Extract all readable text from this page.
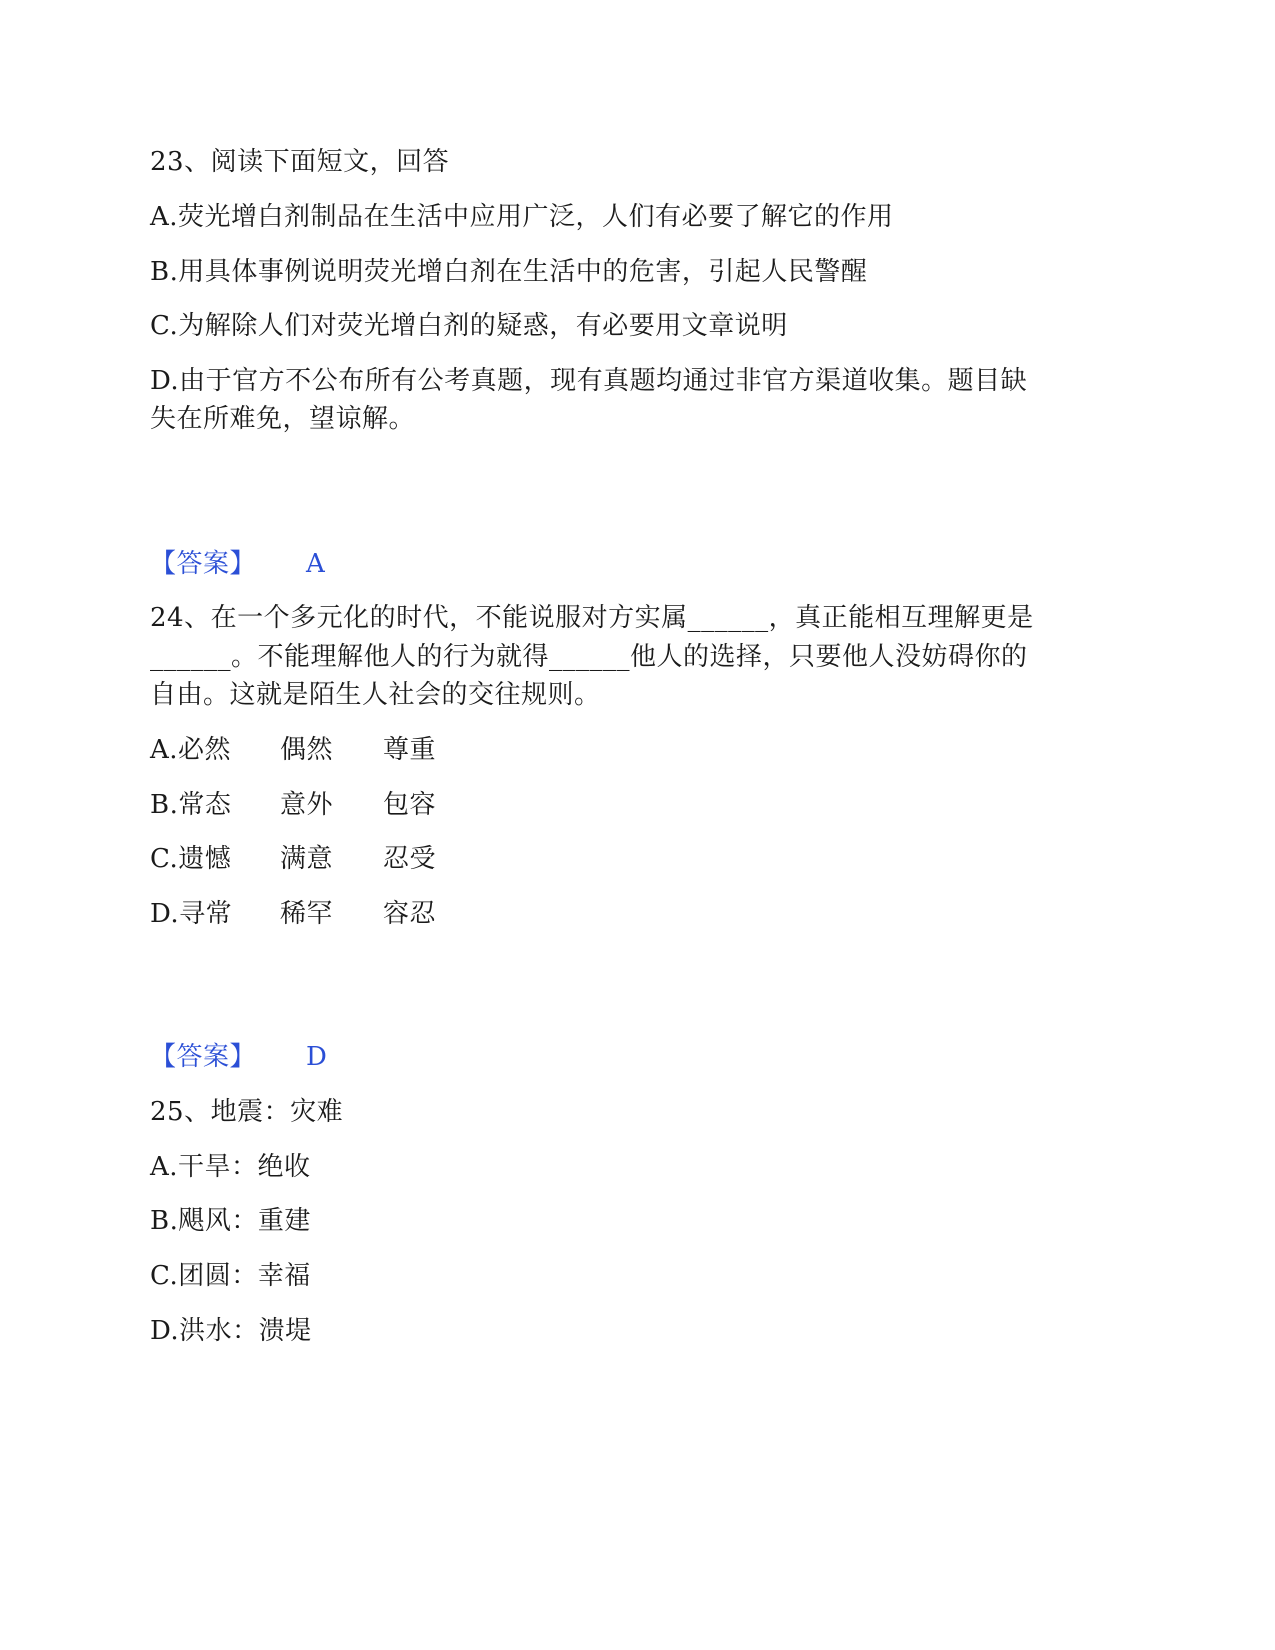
23、阅读下面短文，回答
A.荧光增白剂制品在生活中应用广泛，人们有必要了解它的作用
B.用具体事例说明荧光增白剂在生活中的危害，引起人民警醒
C.为解除人们对荧光增白剂的疑惑，有必要用文章说明
D.由于官方不公布所有公考真题，现有真题均通过非官方渠道收集。题目缺
失在所难免，望谅解。
【答案】 A
24、在一个多元化的时代，不能说服对方实属______，真正能相互理解更是
______。不能理解他人的行为就得______他人的选择，只要他人没妨碍你的
自由。这就是陌生人社会的交往规则。
A.必然 偶然 尊重
B.常态 意外 包容
C.遗憾 满意 忍受
D.寻常 稀罕 容忍
【答案】 D
25、地震：灾难
A.干旱：绝收
B.飓风：重建
C.团圆：幸福
D.洪水：溃堤
